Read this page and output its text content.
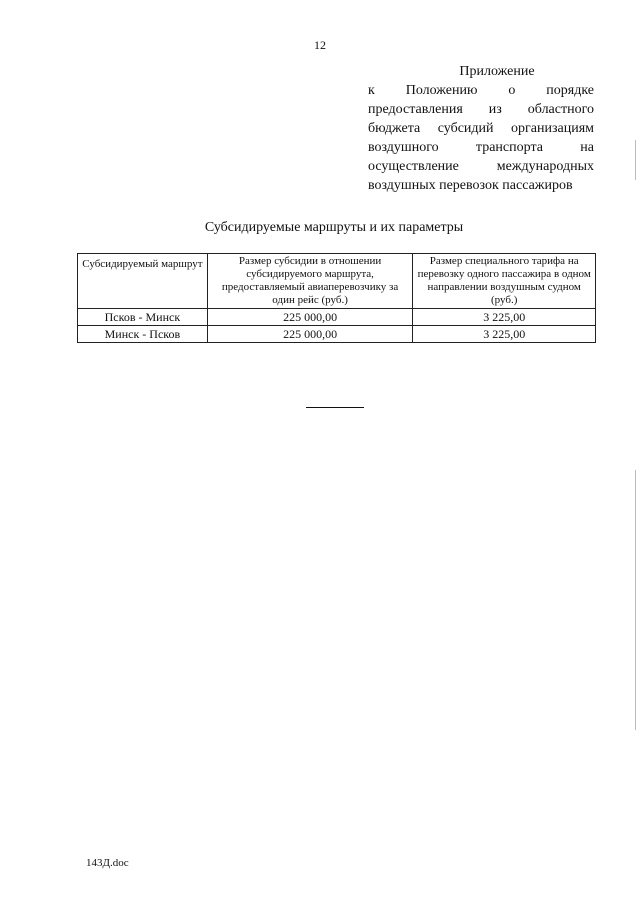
12
Приложение
к Положению о порядке
предоставления из областного
бюджета субсидий организациям
воздушного транспорта на
осуществление международных
воздушных перевозок пассажиров
Субсидируемые маршруты и их параметры
Субсидируемый маршрут	Размер субсидии в отношении субсидируемого маршрута, предоставляемый авиаперевозчику за один рейс (руб.)	Размер специального тарифа на перевозку одного пассажира в одном направлении воздушным судном (руб.)
Псков - Минск	225 000,00	3 225,00
Минск - Псков	225 000,00	3 225,00
143Д.doc
